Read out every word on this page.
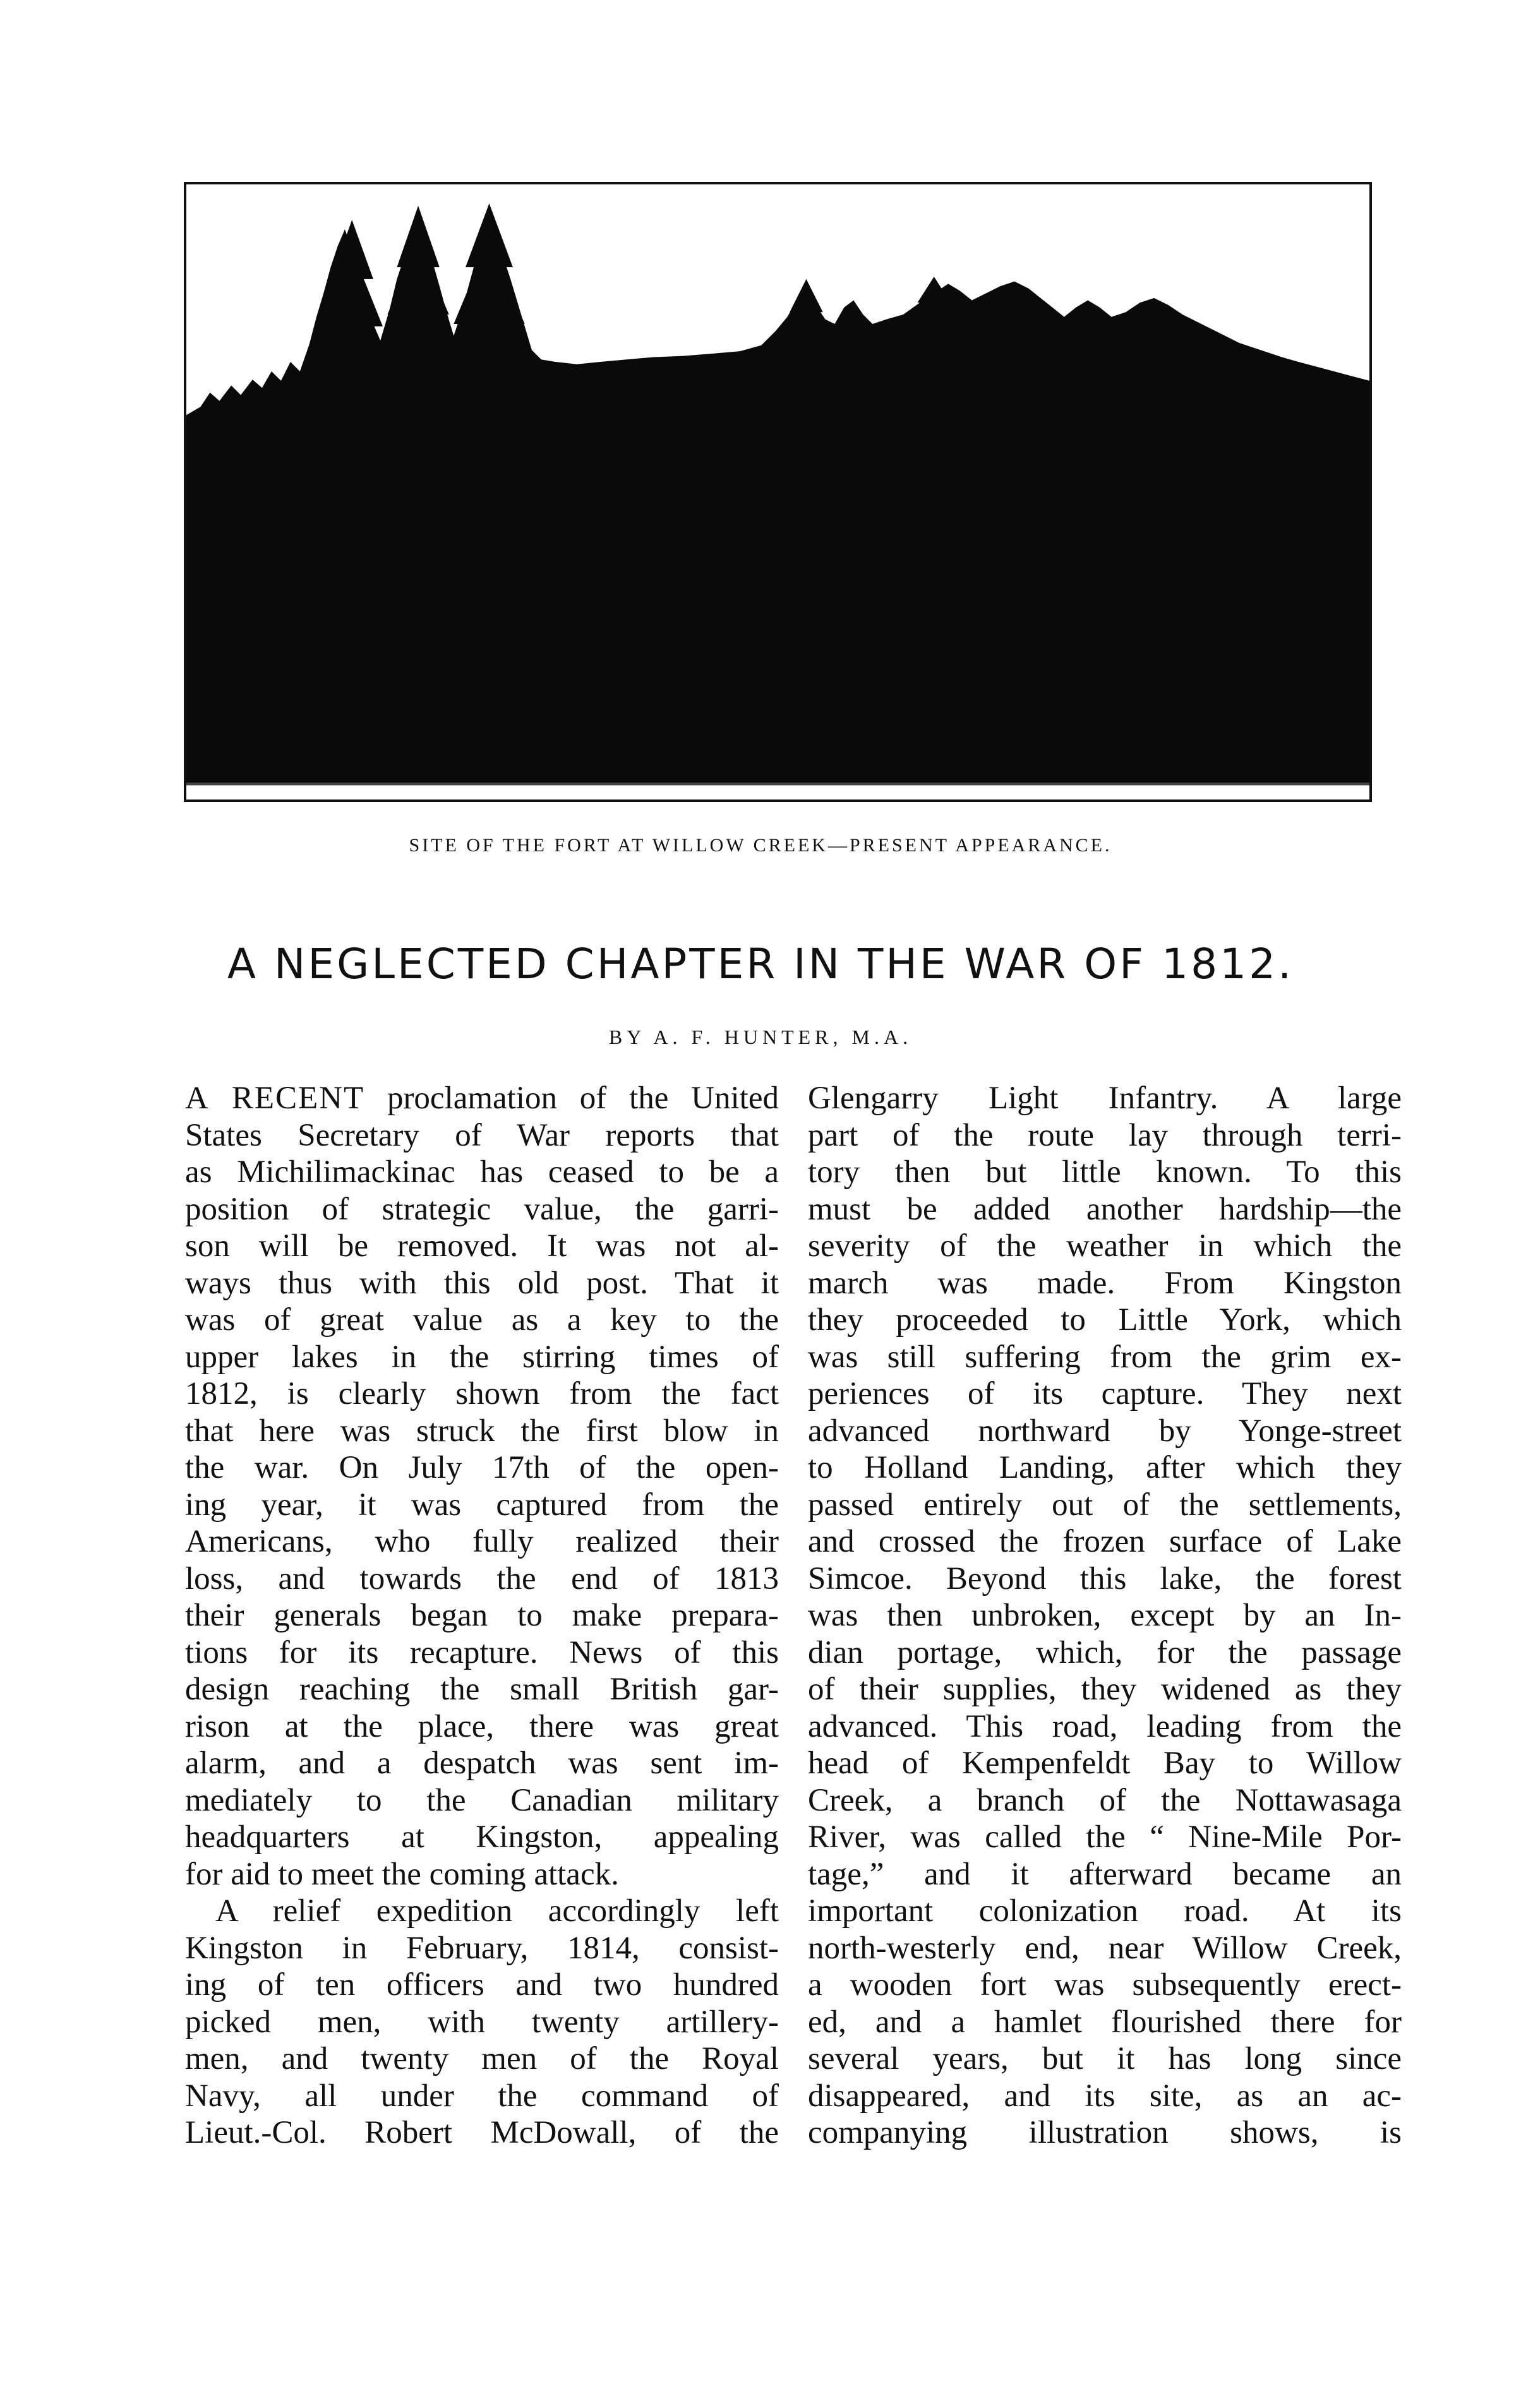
SITE OF THE FORT AT WILLOW CREEK—PRESENT APPEARANCE.
A NEGLECTED CHAPTER IN THE WAR OF 1812.
BY A. F. HUNTER, M.A.
A RECENT proclamation of the United
States Secretary of War reports that
as Michilimackinac has ceased to be a
position of strategic value, the garri-
son will be removed. It was not al-
ways thus with this old post. That it
was of great value as a key to the
upper lakes in the stirring times of
1812, is clearly shown from the fact
that here was struck the first blow in
the war. On July 17th of the open-
ing year, it was captured from the
Americans, who fully realized their
loss, and towards the end of 1813
their generals began to make prepara-
tions for its recapture. News of this
design reaching the small British gar-
rison at the place, there was great
alarm, and a despatch was sent im-
mediately to the Canadian military
headquarters at Kingston, appealing
for aid to meet the coming attack.
A relief expedition accordingly left
Kingston in February, 1814, consist-
ing of ten officers and two hundred
picked men, with twenty artillery-
men, and twenty men of the Royal
Navy, all under the command of
Lieut.-Col. Robert McDowall, of the
Glengarry Light Infantry. A large
part of the route lay through terri-
tory then but little known. To this
must be added another hardship—the
severity of the weather in which the
march was made. From Kingston
they proceeded to Little York, which
was still suffering from the grim ex-
periences of its capture. They next
advanced northward by Yonge-street
to Holland Landing, after which they
passed entirely out of the settlements,
and crossed the frozen surface of Lake
Simcoe. Beyond this lake, the forest
was then unbroken, except by an In-
dian portage, which, for the passage
of their supplies, they widened as they
advanced. This road, leading from the
head of Kempenfeldt Bay to Willow
Creek, a branch of the Nottawasaga
River, was called the “ Nine-Mile Por-
tage,” and it afterward became an
important colonization road. At its
north-westerly end, near Willow Creek,
a wooden fort was subsequently erect-
ed, and a hamlet flourished there for
several years, but it has long since
disappeared, and its site, as an ac-
companying illustration shows, is
